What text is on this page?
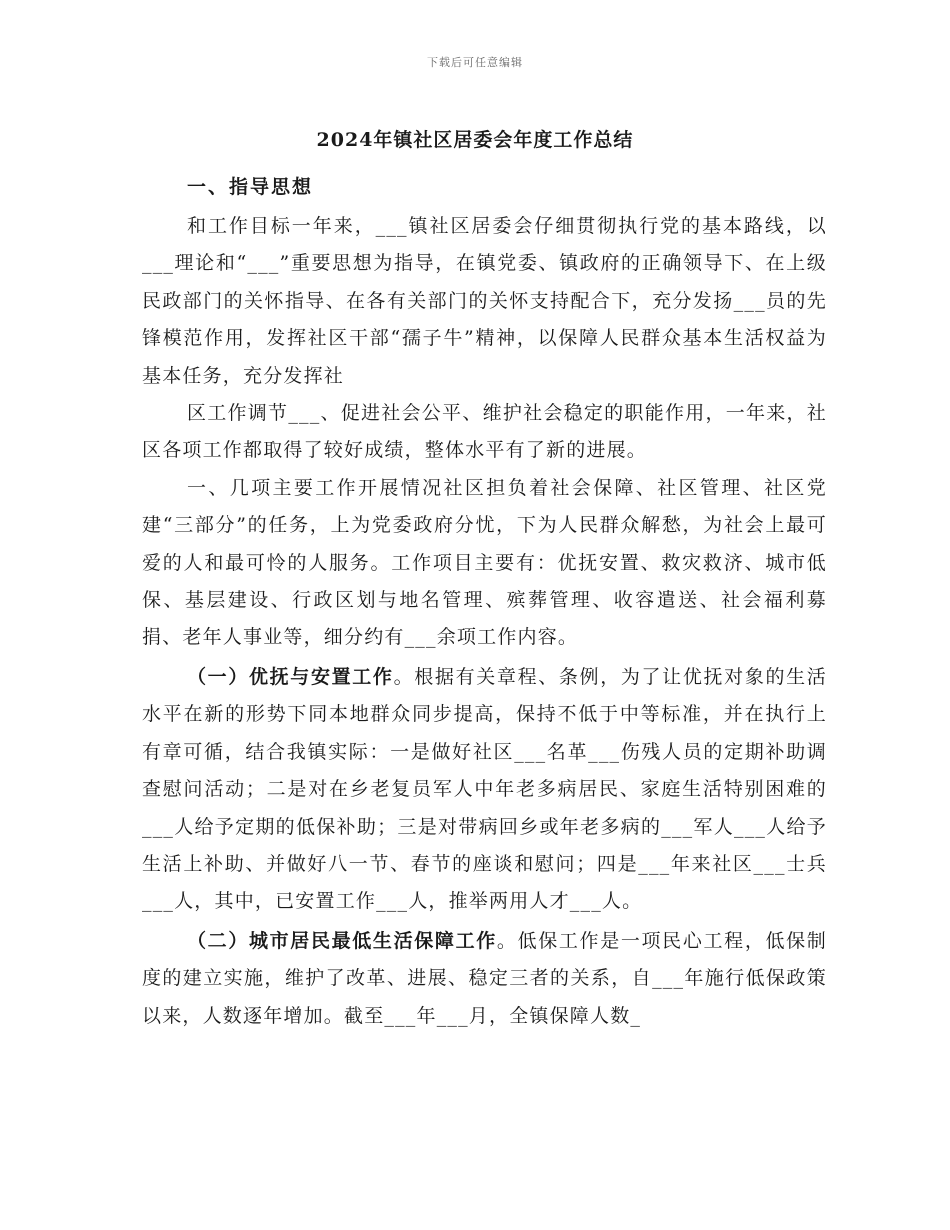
下载后可任意编辑
2024年镇社区居委会年度工作总结
一、指导思想

和工作目标一年来，___镇社区居委会仔细贯彻执行党的基本路线，以___理论和“___”重要思想为指导，在镇党委、镇政府的正确领导下、在上级民政部门的关怀指导、在各有关部门的关怀支持配合下，充分发扬___员的先锋模范作用，发挥社区干部“孺子牛”精神，以保障人民群众基本生活权益为基本任务，充分发挥社

区工作调节___、促进社会公平、维护社会稳定的职能作用，一年来，社区各项工作都取得了较好成绩，整体水平有了新的进展。

一、几项主要工作开展情况社区担负着社会保障、社区管理、社区党建“三部分”的任务，上为党委政府分忧，下为人民群众解愁，为社会上最可爱的人和最可怜的人服务。工作项目主要有：优抚安置、救灾救济、城市低保、基层建设、行政区划与地名管理、殡葬管理、收容遣送、社会福利募捐、老年人事业等，细分约有___余项工作内容。

（一）优抚与安置工作。根据有关章程、条例，为了让优抚对象的生活水平在新的形势下同本地群众同步提高，保持不低于中等标准，并在执行上有章可循，结合我镇实际：一是做好社区___名革___伤残人员的定期补助调查慰问活动；二是对在乡老复员军人中年老多病居民、家庭生活特别困难的___人给予定期的低保补助；三是对带病回乡或年老多病的___军人___人给予生活上补助、并做好八一节、春节的座谈和慰问；四是___年来社区___士兵___人，其中，已安置工作___人，推举两用人才___人。

（二）城市居民最低生活保障工作。低保工作是一项民心工程，低保制度的建立实施，维护了改革、进展、稳定三者的关系，自___年施行低保政策以来，人数逐年增加。截至___年___月，全镇保障人数_
